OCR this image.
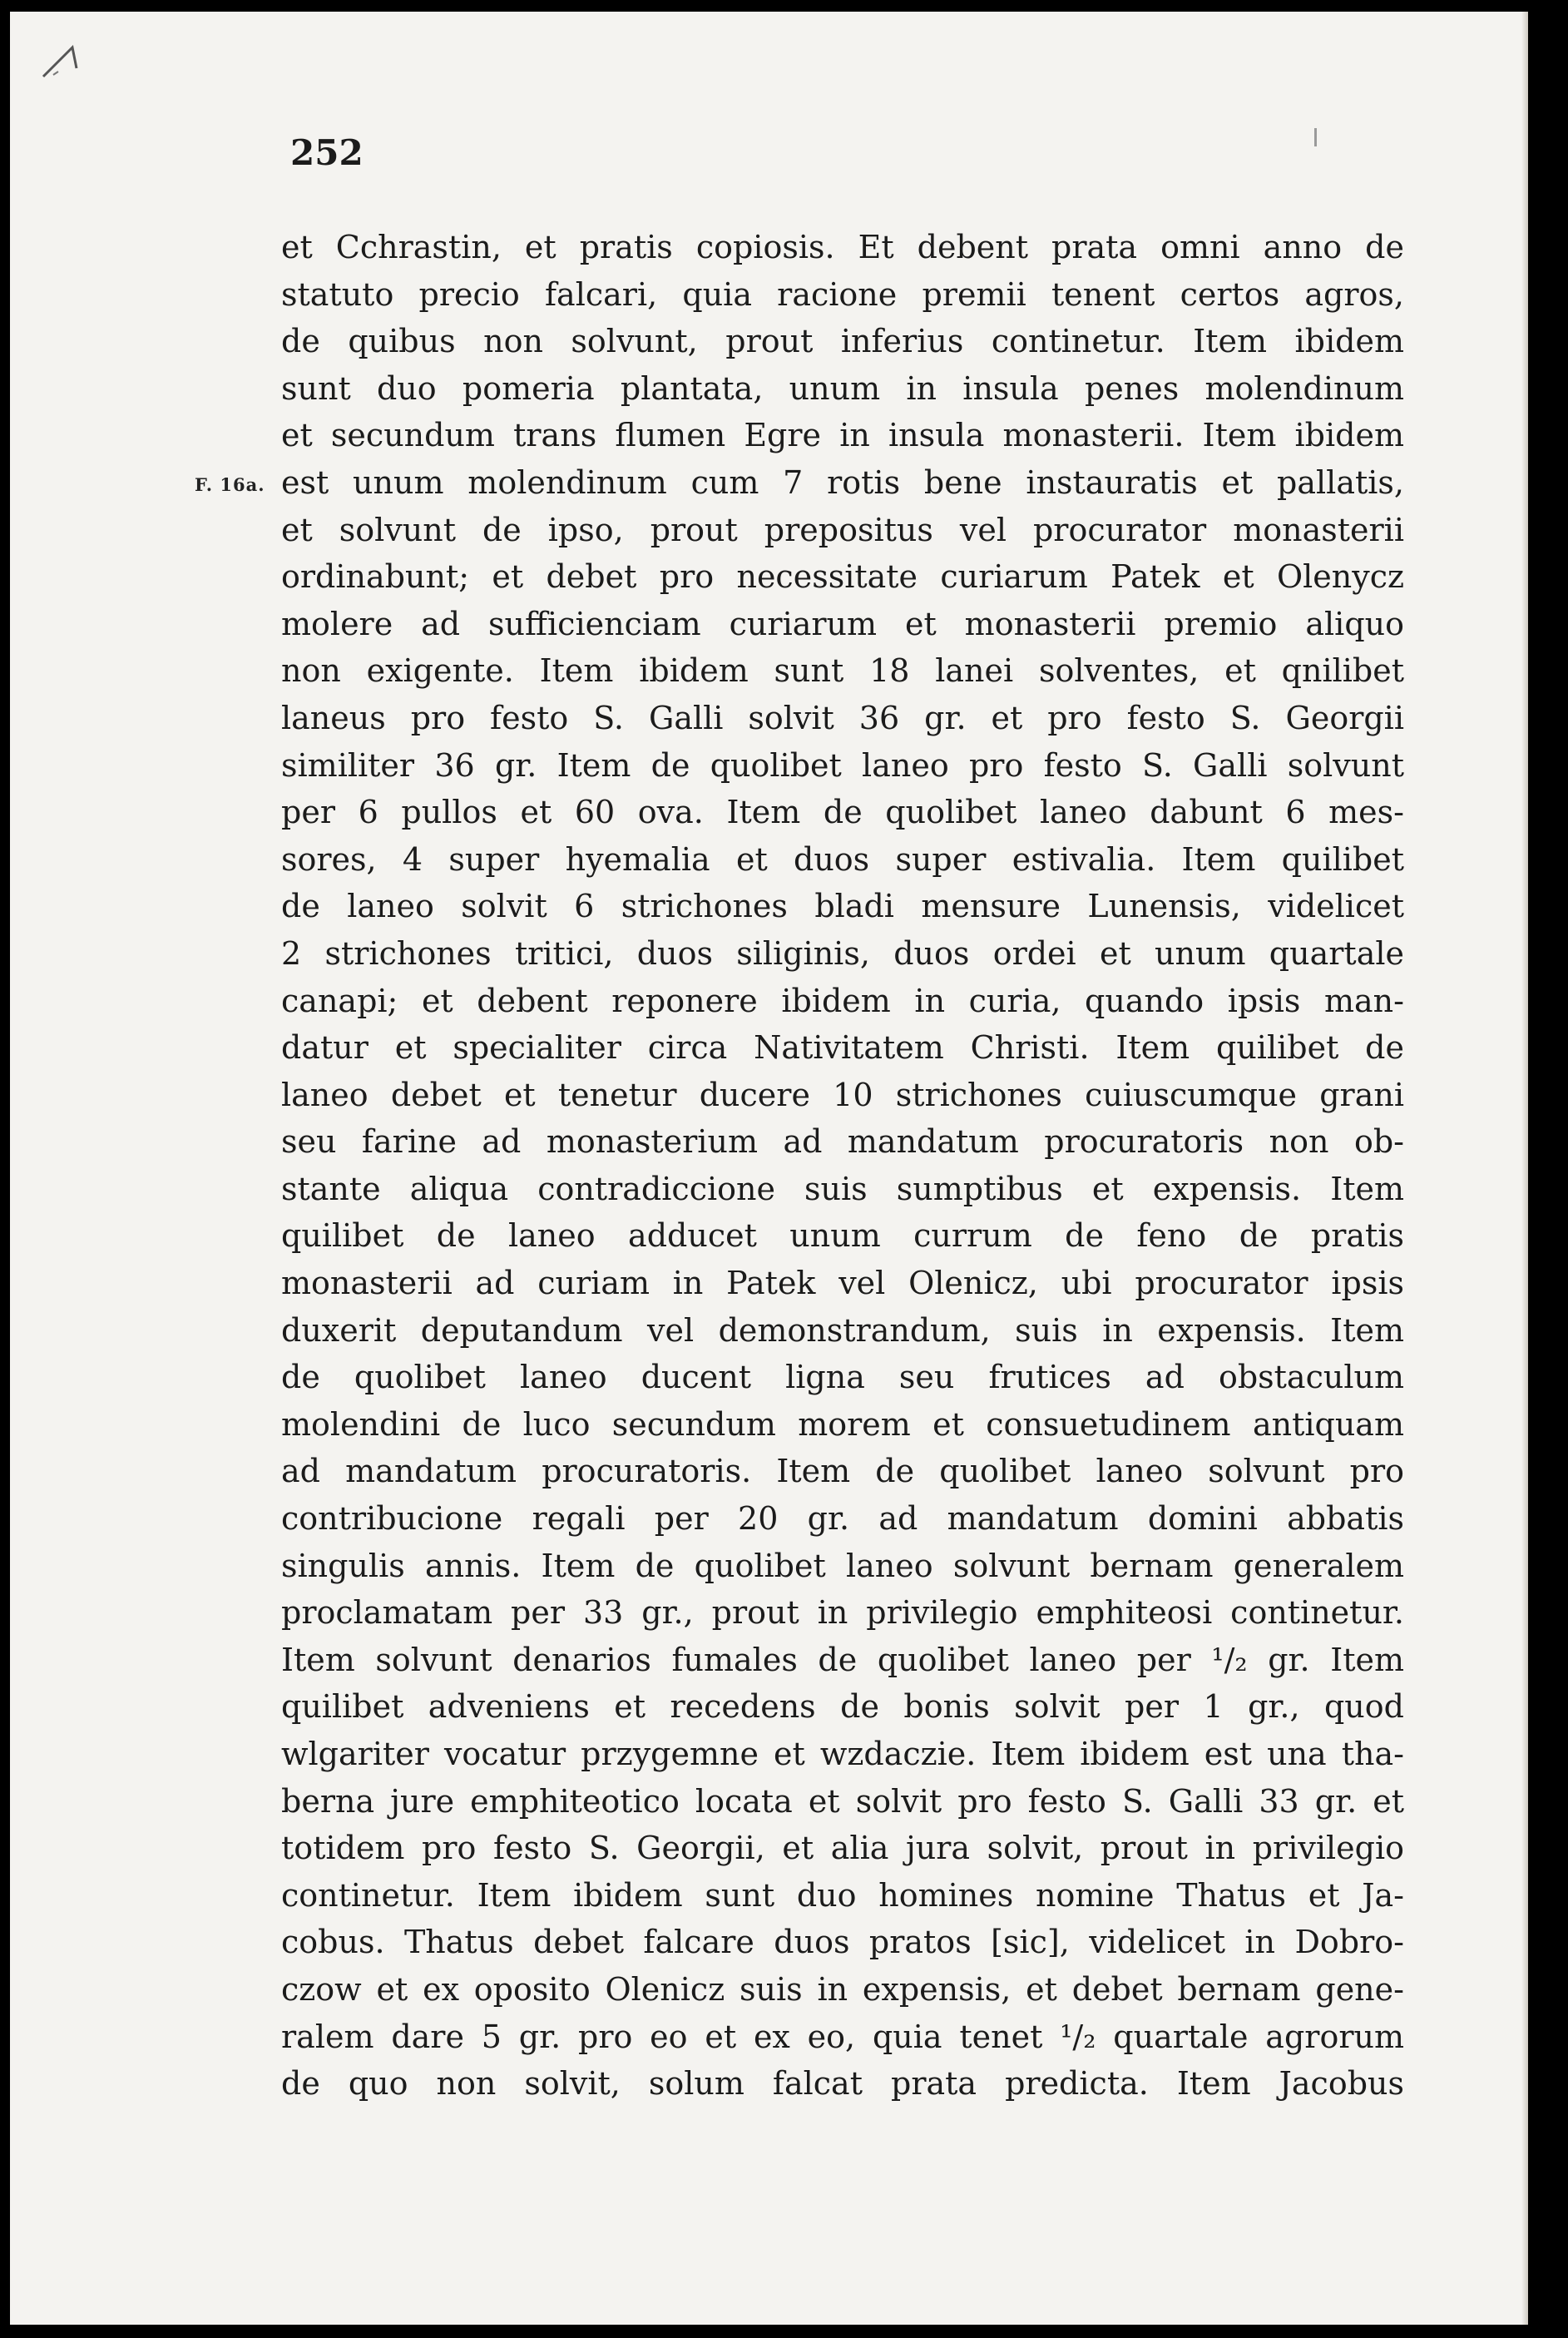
252
F. 16a.
et Cchrastin, et pratis copiosis. Et debent prata omni anno de
statuto precio falcari, quia racione premii tenent certos agros,
de quibus non solvunt, prout inferius continetur. Item ibidem
sunt duo pomeria plantata, unum in insula penes molendinum
et secundum trans flumen Egre in insula monasterii. Item ibidem
est unum molendinum cum 7 rotis bene instauratis et pallatis,
et solvunt de ipso, prout prepositus vel procurator monasterii
ordinabunt; et debet pro necessitate curiarum Patek et Olenycz
molere ad sufficienciam curiarum et monasterii premio aliquo
non exigente. Item ibidem sunt 18 lanei solventes, et qnilibet
laneus pro festo S. Galli solvit 36 gr. et pro festo S. Georgii
similiter 36 gr. Item de quolibet laneo pro festo S. Galli solvunt
per 6 pullos et 60 ova. Item de quolibet laneo dabunt 6 mes-
sores, 4 super hyemalia et duos super estivalia. Item quilibet
de laneo solvit 6 strichones bladi mensure Lunensis, videlicet
2 strichones tritici, duos siliginis, duos ordei et unum quartale
canapi; et debent reponere ibidem in curia, quando ipsis man-
datur et specialiter circa Nativitatem Christi. Item quilibet de
laneo debet et tenetur ducere 10 strichones cuiuscumque grani
seu farine ad monasterium ad mandatum procuratoris non ob-
stante aliqua contradiccione suis sumptibus et expensis. Item
quilibet de laneo adducet unum currum de feno de pratis
monasterii ad curiam in Patek vel Olenicz, ubi procurator ipsis
duxerit deputandum vel demonstrandum, suis in expensis. Item
de quolibet laneo ducent ligna seu frutices ad obstaculum
molendini de luco secundum morem et consuetudinem antiquam
ad mandatum procuratoris. Item de quolibet laneo solvunt pro
contribucione regali per 20 gr. ad mandatum domini abbatis
singulis annis. Item de quolibet laneo solvunt bernam generalem
proclamatam per 33 gr., prout in privilegio emphiteosi continetur.
Item solvunt denarios fumales de quolibet laneo per ¹/₂ gr. Item
quilibet adveniens et recedens de bonis solvit per 1 gr., quod
wlgariter vocatur przygemne et wzdaczie. Item ibidem est una tha-
berna jure emphiteotico locata et solvit pro festo S. Galli 33 gr. et
totidem pro festo S. Georgii, et alia jura solvit, prout in privilegio
continetur. Item ibidem sunt duo homines nomine Thatus et Ja-
cobus. Thatus debet falcare duos pratos [sic], videlicet in Dobro-
czow et ex oposito Olenicz suis in expensis, et debet bernam gene-
ralem dare 5 gr. pro eo et ex eo, quia tenet ¹/₂ quartale agrorum
de quo non solvit, solum falcat prata predicta. Item Jacobus
